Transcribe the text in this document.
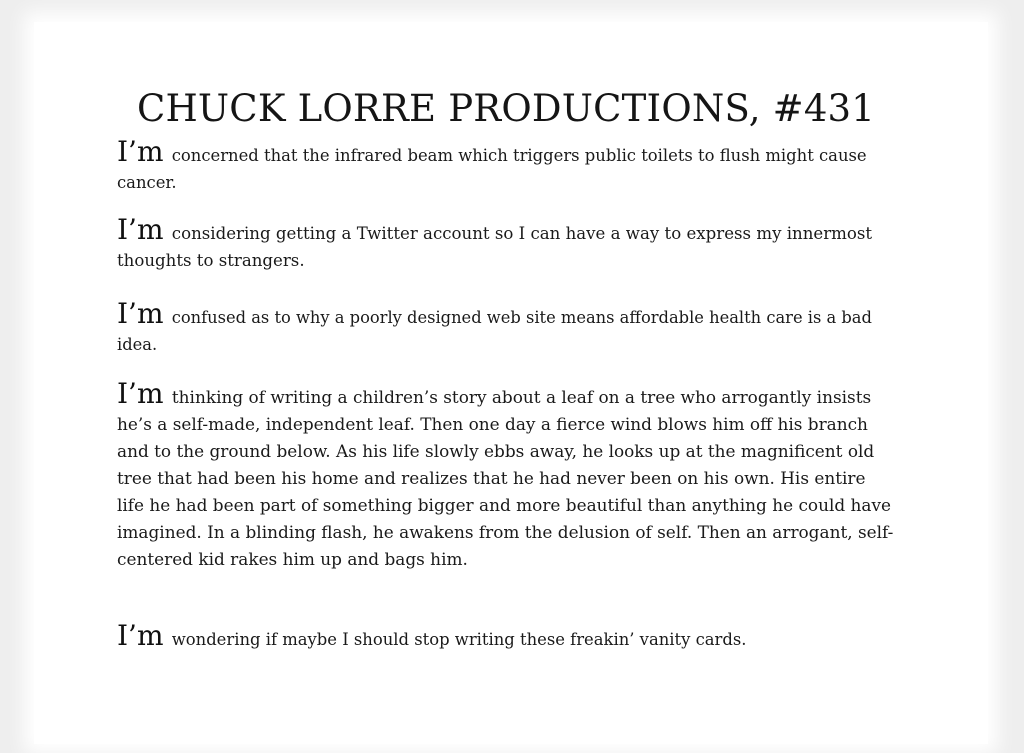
CHUCK LORRE PRODUCTIONS, #431

I’m concerned that the infrared beam which triggers public toilets to flush might cause cancer.

I’m considering getting a Twitter account so I can have a way to express my innermost thoughts to strangers.

I’m confused as to why a poorly designed web site means affordable health care is a bad idea.

I’m thinking of writing a children’s story about a leaf on a tree who arrogantly insists he’s a self-made, independent leaf. Then one day a fierce wind blows him off his branch and to the ground below. As his life slowly ebbs away, he looks up at the magnificent old tree that had been his home and realizes that he had never been on his own. His entire life he had been part of something bigger and more beautiful than anything he could have imagined. In a blinding flash, he awakens from the delusion of self. Then an arrogant, self-centered kid rakes him up and bags him.

I’m wondering if maybe I should stop writing these freakin’ vanity cards.
